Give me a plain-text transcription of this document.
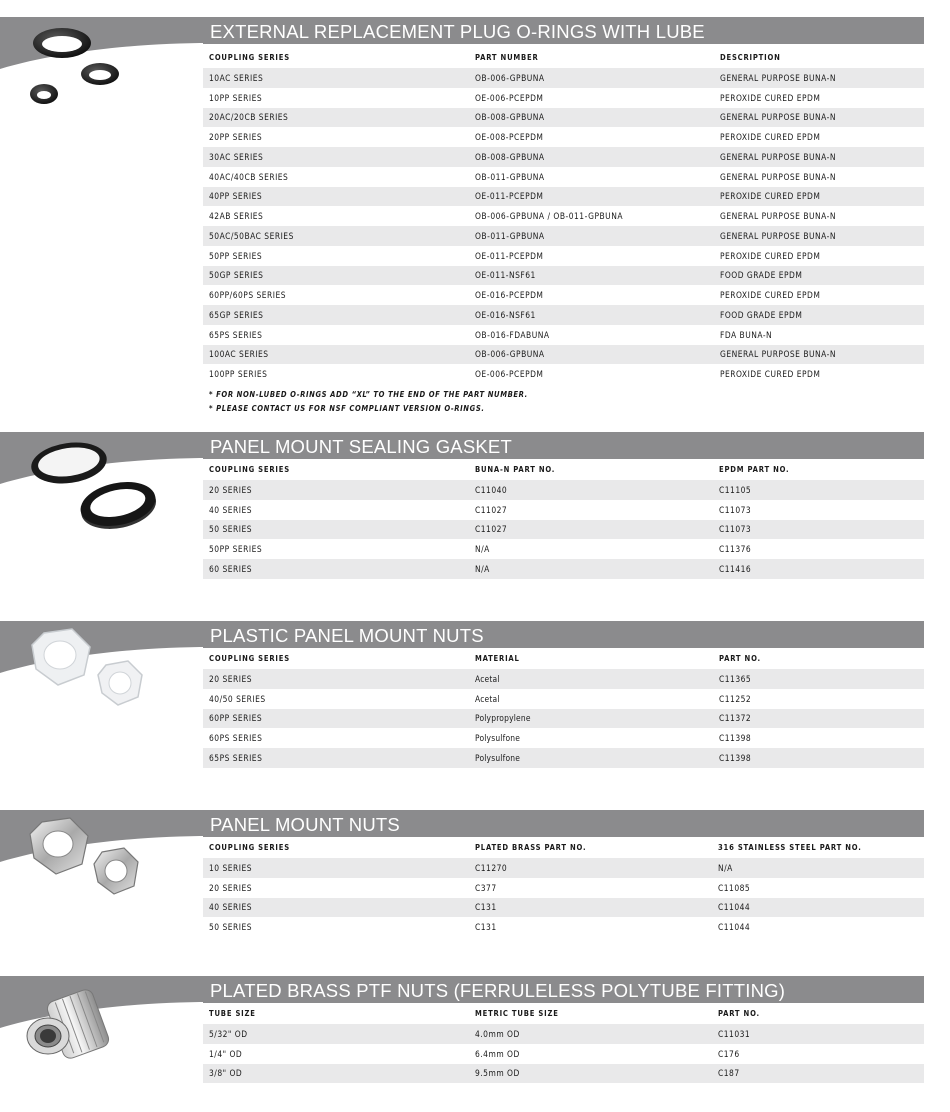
EXTERNAL REPLACEMENT PLUG O-RINGS WITH LUBE
COUPLING SERIES	PART NUMBER	DESCRIPTION
10AC SERIES	OB-006-GPBUNA	GENERAL PURPOSE BUNA-N
10PP SERIES	OE-006-PCEPDM	PEROXIDE CURED EPDM
20AC/20CB SERIES	OB-008-GPBUNA	GENERAL PURPOSE BUNA-N
20PP SERIES	OE-008-PCEPDM	PEROXIDE CURED EPDM
30AC SERIES	OB-008-GPBUNA	GENERAL PURPOSE BUNA-N
40AC/40CB SERIES	OB-011-GPBUNA	GENERAL PURPOSE BUNA-N
40PP SERIES	OE-011-PCEPDM	PEROXIDE CURED EPDM
42AB SERIES	OB-006-GPBUNA / OB-011-GPBUNA	GENERAL PURPOSE BUNA-N
50AC/50BAC SERIES	OB-011-GPBUNA	GENERAL PURPOSE BUNA-N
50PP SERIES	OE-011-PCEPDM	PEROXIDE CURED EPDM
50GP SERIES	OE-011-NSF61	FOOD GRADE EPDM
60PP/60PS SERIES	OE-016-PCEPDM	PEROXIDE CURED EPDM
65GP SERIES	OE-016-NSF61	FOOD GRADE EPDM
65PS SERIES	OB-016-FDABUNA	FDA BUNA-N
100AC SERIES	OB-006-GPBUNA	GENERAL PURPOSE BUNA-N
100PP SERIES	OE-006-PCEPDM	PEROXIDE CURED EPDM
* FOR NON-LUBED O-RINGS ADD “XL” TO THE END OF THE PART NUMBER.
* PLEASE CONTACT US FOR NSF COMPLIANT VERSION O-RINGS.
PANEL MOUNT SEALING GASKET
COUPLING SERIES	BUNA-N PART NO.	EPDM PART NO.
20 SERIES	C11040	C11105
40 SERIES	C11027	C11073
50 SERIES	C11027	C11073
50PP SERIES	N/A	C11376
60 SERIES	N/A	C11416
PLASTIC PANEL MOUNT NUTS
COUPLING SERIES	MATERIAL	PART NO.
20 SERIES	Acetal	C11365
40/50 SERIES	Acetal	C11252
60PP SERIES	Polypropylene	C11372
60PS SERIES	Polysulfone	C11398
65PS SERIES	Polysulfone	C11398
PANEL MOUNT NUTS
COUPLING SERIES	PLATED BRASS PART NO.	316 STAINLESS STEEL PART NO.
10 SERIES	C11270	N/A
20 SERIES	C377	C11085
40 SERIES	C131	C11044
50 SERIES	C131	C11044
PLATED BRASS PTF NUTS (FERRULELESS POLYTUBE FITTING)
TUBE SIZE	METRIC TUBE SIZE	PART NO.
5/32" OD	4.0mm OD	C11031
1/4" OD	6.4mm OD	C176
3/8" OD	9.5mm OD	C187
